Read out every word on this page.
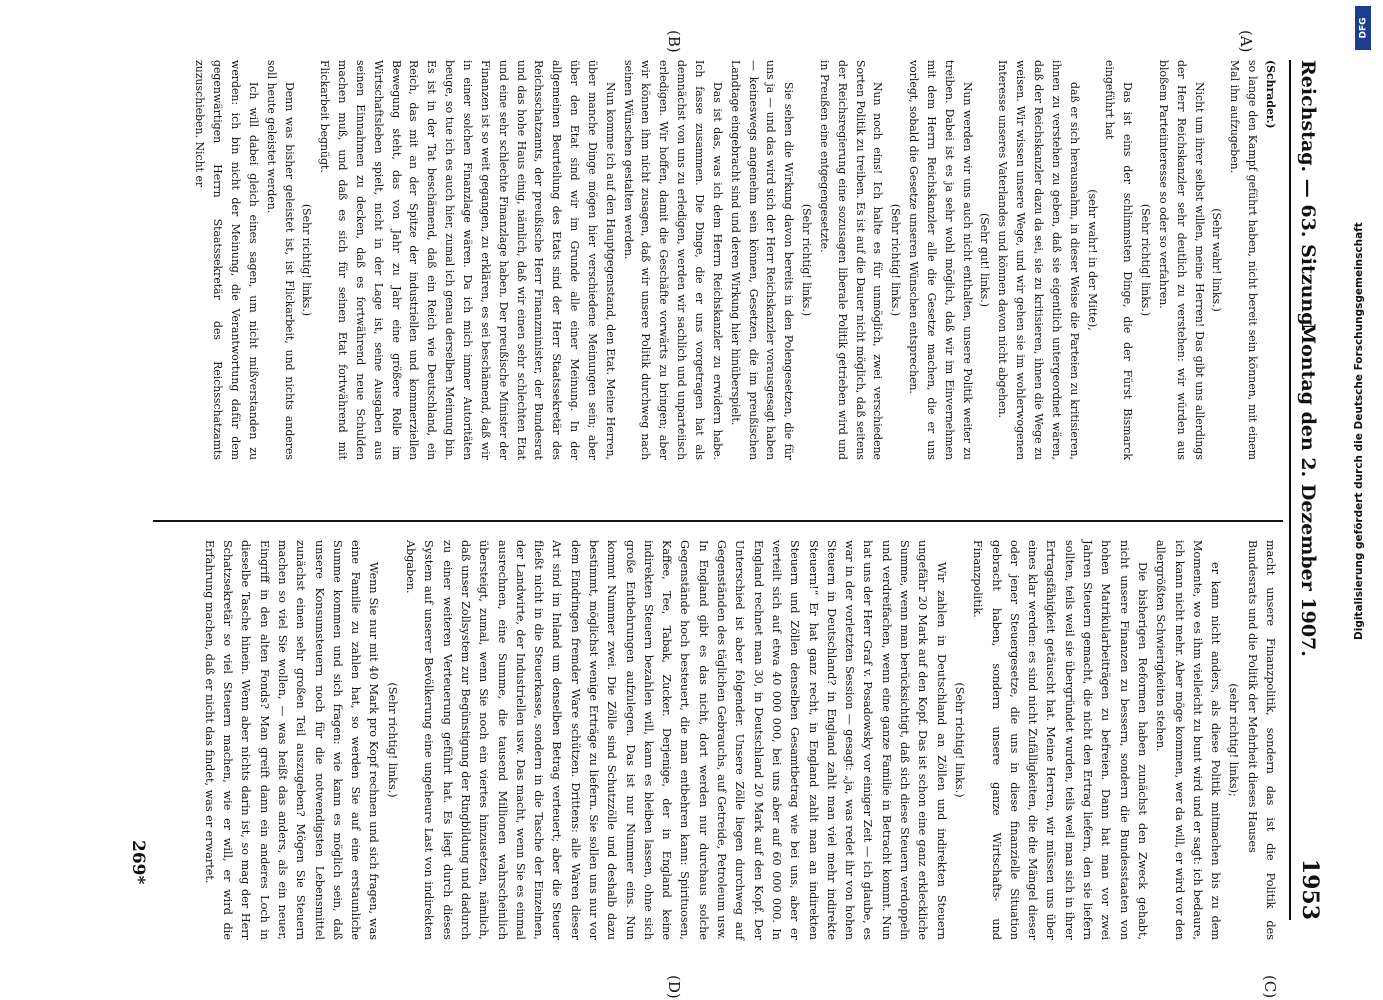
Reichstag. — 63. Sitzung.
Montag den 2. Dezember 1907.
1953
(A)
(B)
(C)
(D)

(Schrader.)

so lange den Kampf geführt haben, nicht bereit sein können, mit einem Mal ihn aufzugeben.

(Sehr wahr! links.)

Nicht um ihrer selbst willen, meine Herren! Das gibt uns allerdings der Herr Reichskanzler sehr deutlich zu verstehen: wir würden aus bloßem Parteiinteresse so oder so verfahren.

(Sehr richtig! links.)

Das ist eins der schlimmsten Dinge, die der Fürst Bismarck eingeführt hat

(sehr wahr! in der Mitte),

daß er sich herausnahm, in dieser Weise die Parteien zu kritisieren, ihnen zu verstehen zu geben, daß sie eigentlich untergeordnet wären, daß der Reichskanzler dazu da sei, sie zu kritisieren, ihnen die Wege zu weisen. Wir wissen unsere Wege, und wir gehen sie im wohlerwogenen Interesse unseres Vaterlandes und können davon nicht abgehen.

(Sehr gut! links.)

Nun werden wir uns auch nicht enthalten, unsere Politik weiter zu treiben. Dabei ist es ja sehr wohl möglich, daß wir im Einvernehmen mit dem Herrn Reichskanzler alle die Gesetze machen, die er uns vorlegt, sobald die Gesetze unseren Wünschen entsprechen.

(Sehr richtig! links.)

Nun noch eins! Ich halte es für unmöglich, zwei verschiedene Sorten Politik zu treiben. Es ist auf die Dauer nicht möglich, daß seitens der Reichsregierung eine sozusagen liberale Politik getrieben wird und in Preußen eine entgegengesetzte.

(Sehr richtig! links.)

Sie sehen die Wirkung davon bereits in den Polengesetzen, die für uns ja — und das wird sich der Herr Reichskanzler vorausgesagt haben — keineswegs angenehm sein können, Gesetzen, die im preußischen Landtage eingebracht sind und deren Wirkung hier hinüberspielt.

Das ist das, was ich dem Herrn Reichskanzler zu erwidern habe. Ich fasse zusammen. Die Dinge, die er uns vorgetragen hat als demnächst von uns zu erledigen, werden wir sachlich und unparteiisch erledigen. Wir hoffen, damit die Geschäfte vorwärts zu bringen; aber wir können ihm nicht zusagen, daß wir unsere Politik durchweg nach seinen Wünschen gestalten werden.

Nun komme ich auf den Hauptgegenstand, den Etat. Meine Herren, über manche Dinge mögen hier verschiedene Meinungen sein; aber über den Etat sind wir im Grunde alle einer Meinung. In der allgemeinen Beurteilung des Etats sind der Herr Staatssekretär des Reichsschatzamts, der preußische Herr Finanzminister, der Bundesrat und das hohe Haus einig, nämlich, daß wir einen sehr schlechten Etat und eine sehr schlechte Finanzlage haben. Der preußische Minister der Finanzen ist so weit gegangen, zu erklären, es sei beschämend, daß wir in einer solchen Finanzlage wären. Da ich mich immer Autoritäten beuge, so tue ich es auch hier, zumal ich genau derselben Meinung bin. Es ist in der Tat beschämend, daß ein Reich wie Deutschland, ein Reich, das mit an der Spitze der industriellen und kommerziellen Bewegung steht, das von Jahr zu Jahr eine größere Rolle im Wirtschaftsleben spielt, nicht in der Lage ist, seine Ausgaben aus seinen Einnahmen zu decken, daß es fortwährend neue Schulden machen muß, und daß es sich für seinen Etat fortwährend mit Flickarbeit begnügt.

(Sehr richtig! links.)

Denn was bisher geleistet ist, ist Flickarbeit, und nichts anderes soll heute geleistet werden.

Ich will dabei gleich eines sagen, um nicht mißverstanden zu werden: ich bin nicht der Meinung, die Verantwortung dafür dem gegenwärtigen Herrn Staatssekretär des Reichsschatzamts zuzuschieben. Nicht er

macht unsere Finanzpolitik, sondern das ist die Politik des Bundesrats und die Politik der Mehrheit dieses Hauses

(sehr richtig! links);

er kann nicht anders, als diese Politik mitmachen bis zu dem Momente, wo es ihm vielleicht zu bunt wird und er sagt: ich bedaure, ich kann nicht mehr. Aber möge kommen, wer da will, er wird vor den allergrößten Schwierigkeiten stehen.

Die bisherigen Reformen haben zunächst den Zweck gehabt, nicht unsere Finanzen zu bessern, sondern die Bundesstaaten von hohen Matrikularbeiträgen zu befreien. Dann hat man vor zwei Jahren Steuern gemacht, die nicht den Ertrag liefern, den sie liefern sollten, teils weil sie übergründet wurden, teils weil man sich in ihrer Ertragsfähigkeit getäuscht hat. Meine Herren, wir müssen uns über eines klar werden: es sind nicht Zufälligkeiten, die die Mängel dieser oder jener Steuergesetze, die uns in diese finanzielle Situation gebracht haben, sondern unsere ganze Wirtschafts- und Finanzpolitik.

(Sehr richtig! links.)

Wir zahlen in Deutschland an Zöllen und indirekten Steuern ungefähr 20 Mark auf den Kopf. Das ist schon eine ganz erkleckliche Summe, wenn man berücksichtigt, daß sich diese Steuern verdoppeln und verdreifachen, wenn eine ganze Familie in Betracht kommt. Nun hat uns der Herr Graf v. Posadowsky vor einiger Zeit — ich glaube, es war in der vorletzten Session — gesagt: „ja, was redet ihr von hohen Steuern in Deutschland? in England zahlt man viel mehr indirekte Steuern!“ Er hat ganz recht, in England zahlt man an indirekten Steuern und Zöllen denselben Gesamtbetrag wie bei uns, aber er verteilt sich auf etwa 40 000 000, bei uns aber auf 60 000 000. In England rechnet man 30, in Deutschland 20 Mark auf den Kopf. Der Unterschied ist aber folgender. Unsere Zölle liegen durchweg auf Gegenständen des täglichen Gebrauchs, auf Getreide, Petroleum usw. In England gibt es das nicht, dort werden nur durchaus solche Gegenstände hoch besteuert, die man entbehren kann: Spirituosen, Kaffee, Tee, Tabak, Zucker. Derjenige, der in England keine indirekten Steuern bezahlen will, kann es bleiben lassen, ohne sich große Entbehrungen aufzulegen. Das ist nur Nummer eins. Nun kommt Nummer zwei. Die Zölle sind Schutzzölle und deshalb dazu bestimmt, möglichst wenige Erträge zu liefern. Sie sollen uns nur vor dem Eindringen fremder Ware schützen. Drittens: alle Waren dieser Art sind im Inland um denselben Betrag verteuert; aber die Steuer fließt nicht in die Steuerkasse, sondern in die Tasche der Einzelnen, der Landwirte, der Industriellen usw. Das macht, wenn Sie es einmal ausrechnen, eine Summe, die tausend Millionen wahrscheinlich übersteigt, zumal, wenn Sie noch ein viertes hinzusetzen, nämlich, daß unser Zollsystem zur Begünstigung der Ringbildung und dadurch zu einer weiteren Verteuerung geführt hat. Es liegt durch dieses System auf unserer Bevölkerung eine ungeheure Last von indirekten Abgaben.

(Sehr richtig! links.)

Wenn Sie nur mit 40 Mark pro Kopf rechnen und sich fragen, was eine Familie zu zahlen hat, so werden Sie auf eine erstaunliche Summe kommen und sich fragen: wie kann es möglich sein, daß unsere Konsumsteuern noch für die notwendigsten Lebensmittel zunächst einen sehr großen Teil auszugeben? Mögen Sie Steuern machen so viel Sie wollen, — was heißt das anders, als ein neuer, Eingriff in den alten Fonds? Man greift dann ein anderes Loch in dieselbe Tasche hinein. Wenn aber nichts darin ist, so mag der Herr Schatzsekretär so viel Steuern machen, wie er will, er wird die Erfahrung machen, daß er nicht das findet, was er erwartet.

269*
DFG
Digitalisierung gefördert durch die Deutsche Forschungsgemeinschaft
